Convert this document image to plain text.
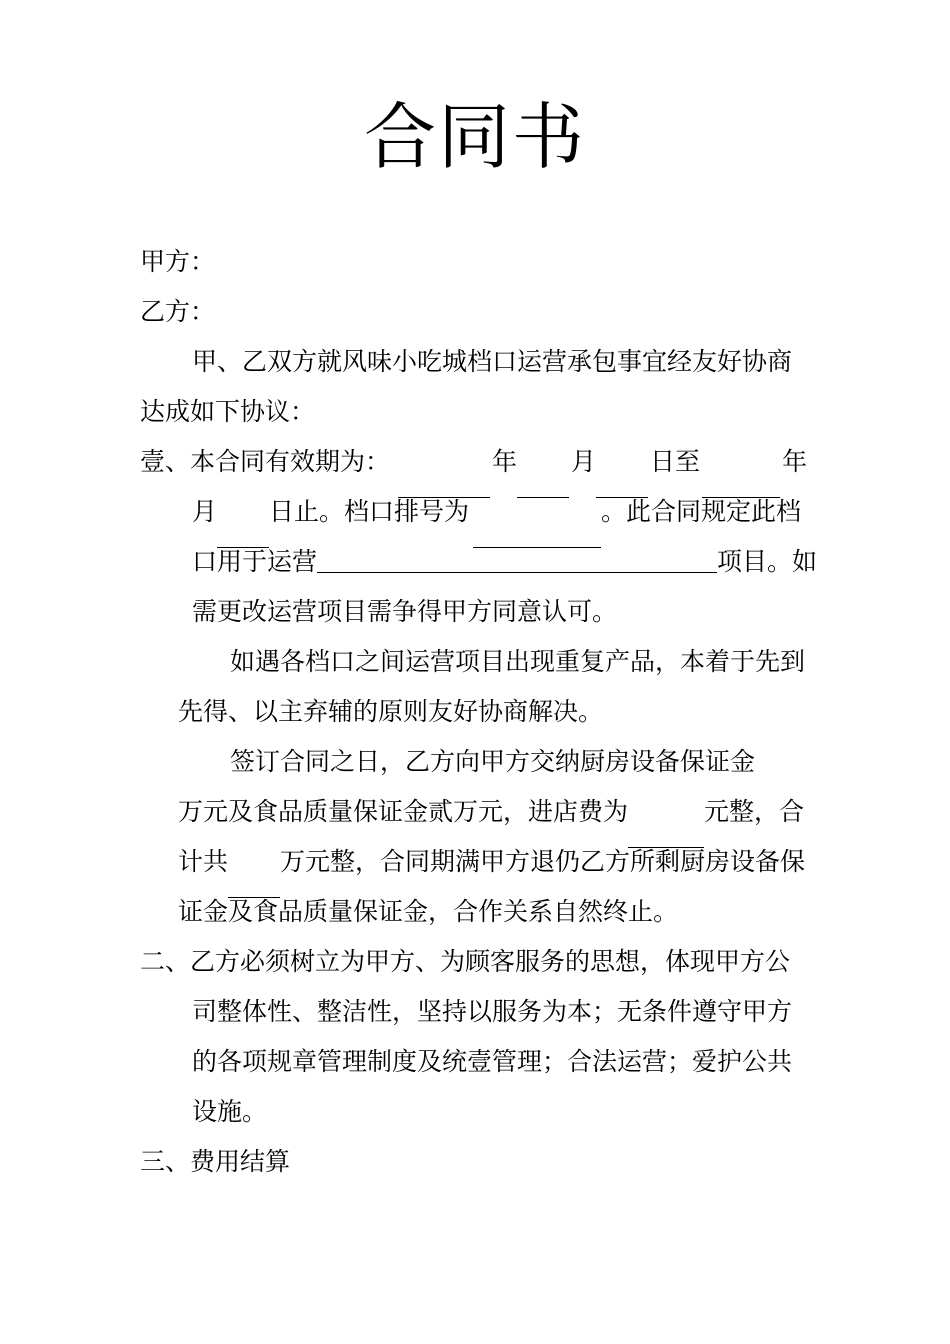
合同书
甲方：
乙方：
甲、乙双方就风味小吃城档口运营承包事宜经友好协商
达成如下协议：
壹、本合同有效期为：	年 月 日至	年
月 日止。档口排号为	。此合同规定此档
口用于运营	项目。如
需更改运营项目需争得甲方同意认可。
如遇各档口之间运营项目出现重复产品，本着于先到
先得、以主弃辅的原则友好协商解决。
签订合同之日，乙方向甲方交纳厨房设备保证金
万元及食品质量保证金贰万元，进店费为	元整，合
计共 万元整，合同期满甲方退仍乙方所剩厨房设备保
证金及食品质量保证金，合作关系自然终止。
二、乙方必须树立为甲方、为顾客服务的思想，体现甲方公
司整体性、整洁性，坚持以服务为本；无条件遵守甲方
的各项规章管理制度及统壹管理；合法运营；爱护公共
设施。
三、费用结算
